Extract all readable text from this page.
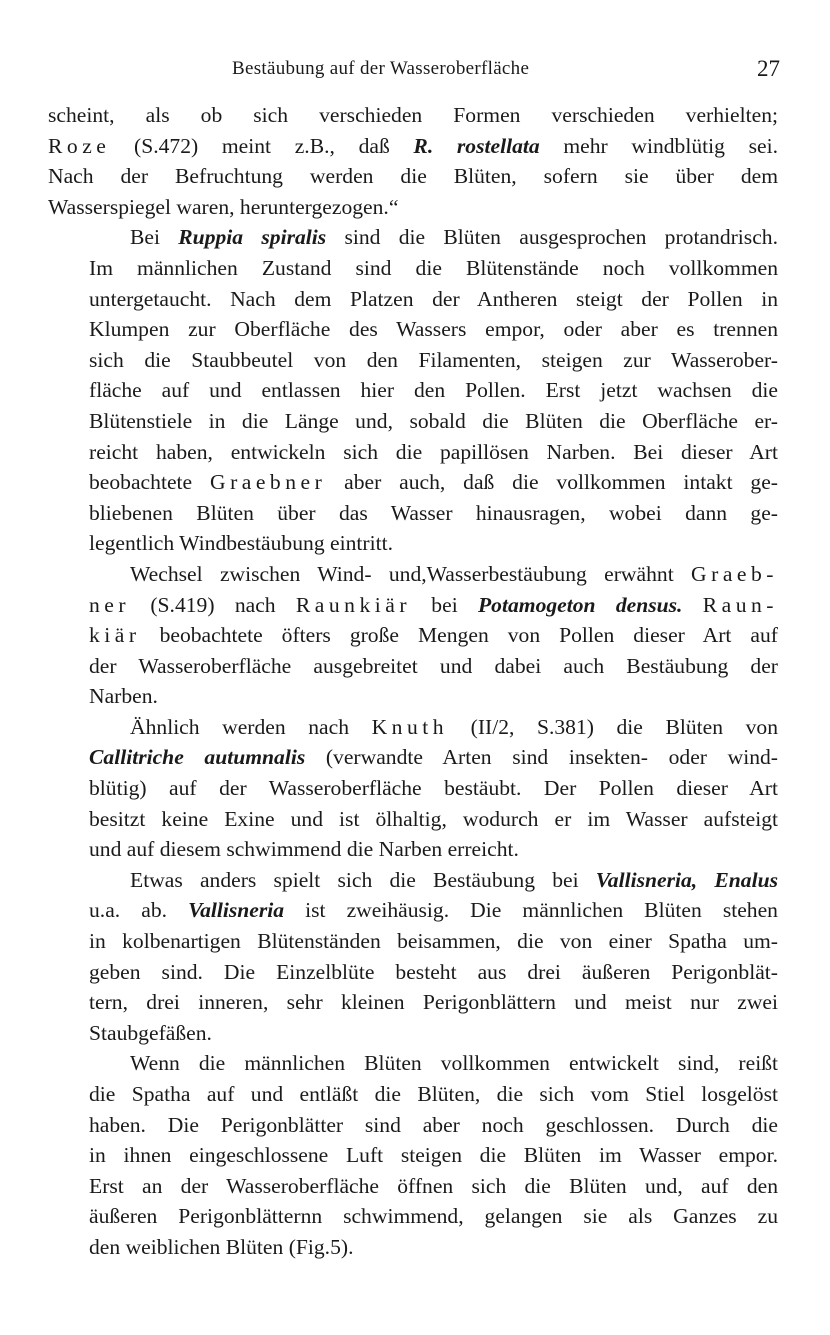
Bestäubung auf der Wasseroberfläche	27

scheint, als ob sich verschieden Formen verschieden verhielten;
Roze (S.472) meint z.B., daß R. rostellata mehr windblütig sei.
Nach der Befruchtung werden die Blüten, sofern sie über dem
Wasserspiegel waren, heruntergezogen.“

Bei Ruppia spiralis sind die Blüten ausgesprochen protandrisch.
Im männlichen Zustand sind die Blütenstände noch vollkommen
untergetaucht. Nach dem Platzen der Antheren steigt der Pollen in
Klumpen zur Oberfläche des Wassers empor, oder aber es trennen
sich die Staubbeutel von den Filamenten, steigen zur Wasserober-
fläche auf und entlassen hier den Pollen. Erst jetzt wachsen die
Blütenstiele in die Länge und, sobald die Blüten die Oberfläche er-
reicht haben, entwickeln sich die papillösen Narben. Bei dieser Art
beobachtete Graebner aber auch, daß die vollkommen intakt ge-
bliebenen Blüten über das Wasser hinausragen, wobei dann ge-
legentlich Windbestäubung eintritt.

Wechsel zwischen Wind- und,Wasserbestäubung erwähnt Graeb-
ner (S.419) nach Raunkiär bei Potamogeton densus. Raun-
kiär beobachtete öfters große Mengen von Pollen dieser Art auf
der Wasseroberfläche ausgebreitet und dabei auch Bestäubung der
Narben.

Ähnlich werden nach Knuth (II/2, S.381) die Blüten von
Callitriche autumnalis (verwandte Arten sind insekten- oder wind-
blütig) auf der Wasseroberfläche bestäubt. Der Pollen dieser Art
besitzt keine Exine und ist ölhaltig, wodurch er im Wasser aufsteigt
und auf diesem schwimmend die Narben erreicht.

Etwas anders spielt sich die Bestäubung bei Vallisneria, Enalus
u.a. ab. Vallisneria ist zweihäusig. Die männlichen Blüten stehen
in kolbenartigen Blütenständen beisammen, die von einer Spatha um-
geben sind. Die Einzelblüte besteht aus drei äußeren Perigonblät-
tern, drei inneren, sehr kleinen Perigonblättern und meist nur zwei
Staubgefäßen.

Wenn die männlichen Blüten vollkommen entwickelt sind, reißt
die Spatha auf und entläßt die Blüten, die sich vom Stiel losgelöst
haben. Die Perigonblätter sind aber noch geschlossen. Durch die
in ihnen eingeschlossene Luft steigen die Blüten im Wasser empor.
Erst an der Wasseroberfläche öffnen sich die Blüten und, auf den
äußeren Perigonblätternn schwimmend, gelangen sie als Ganzes zu
den weiblichen Blüten (Fig.5).
